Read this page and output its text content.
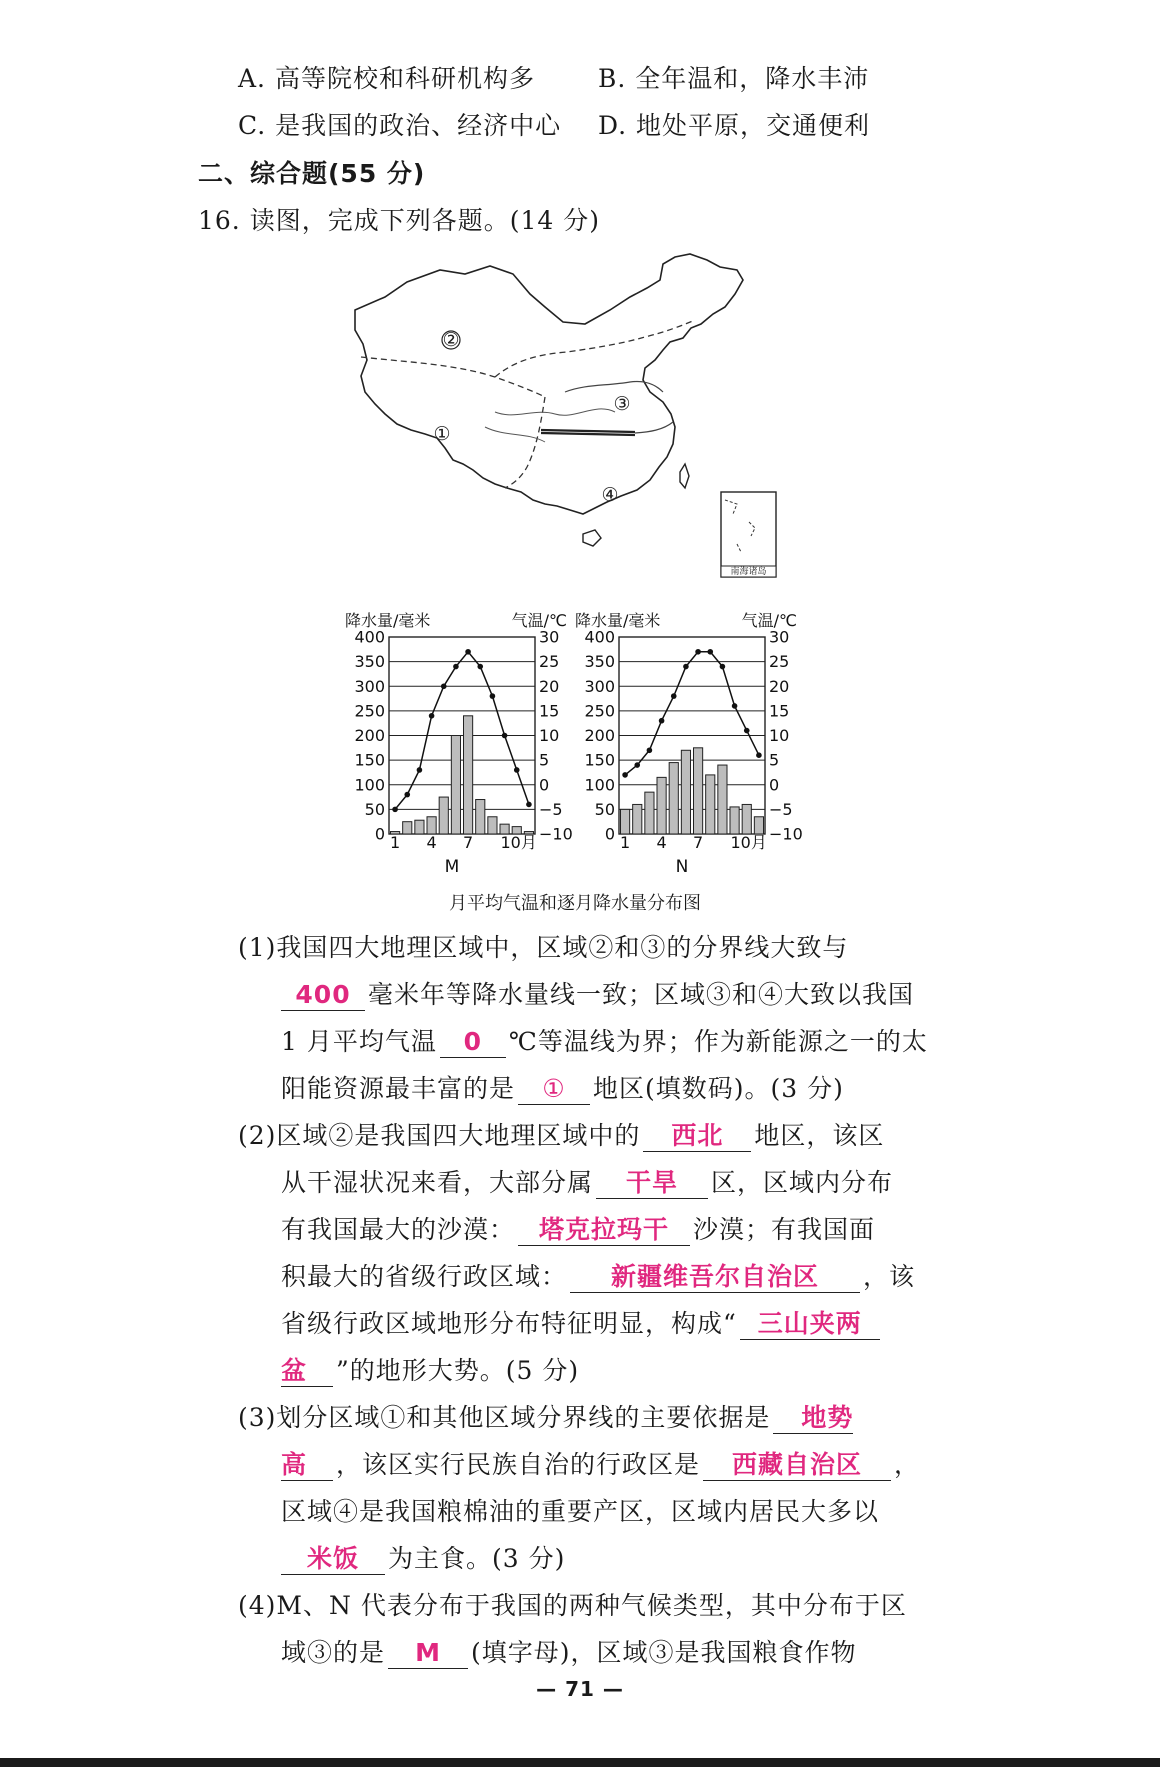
A. 高等院校和科研机构多	B. 全年温和，降水丰沛
C. 是我国的政治、经济中心 D. 地处平原，交通便利
二、综合题(55 分)
16. 读图，完成下列各题。(14 分)
②
③
①
④
南海诸岛
降水量/毫米	气温/℃
400	30
350	25
300	20
250	15
200	10
150	5
100	0
50	−5
0	−10
1 4 7 10月
M
降水量/毫米	气温/℃
400	30
350	25
300	20
250	15
200	10
150	5
100	0
50	−5
0	−10
1 4 7 10月
N
月平均气温和逐月降水量分布图
(1)我国四大地理区域中，区域②和③的分界线大致与
400 毫米年等降水量线一致；区域③和④大致以我国
1 月平均气温 0 ℃等温线为界；作为新能源之一的太
阳能资源最丰富的是 ① 地区(填数码)。(3 分)
(2)区域②是我国四大地理区域中的 西北 地区，该区
从干湿状况来看，大部分属 干旱 区，区域内分布
有我国最大的沙漠： 塔克拉玛干 沙漠；有我国面
积最大的省级行政区域： 新疆维吾尔自治区 ，该
省级行政区域地形分布特征明显，构成“ 三山夹两
盆 ”的地形大势。(5 分)
(3)划分区域①和其他区域分界线的主要依据是 地势
高 ，该区实行民族自治的行政区是 西藏自治区 ，
区域④是我国粮棉油的重要产区，区域内居民大多以
米饭 为主食。(3 分)
(4)M、N 代表分布于我国的两种气候类型，其中分布于区
域③的是 M (填字母)，区域③是我国粮食作物
— 71 —
